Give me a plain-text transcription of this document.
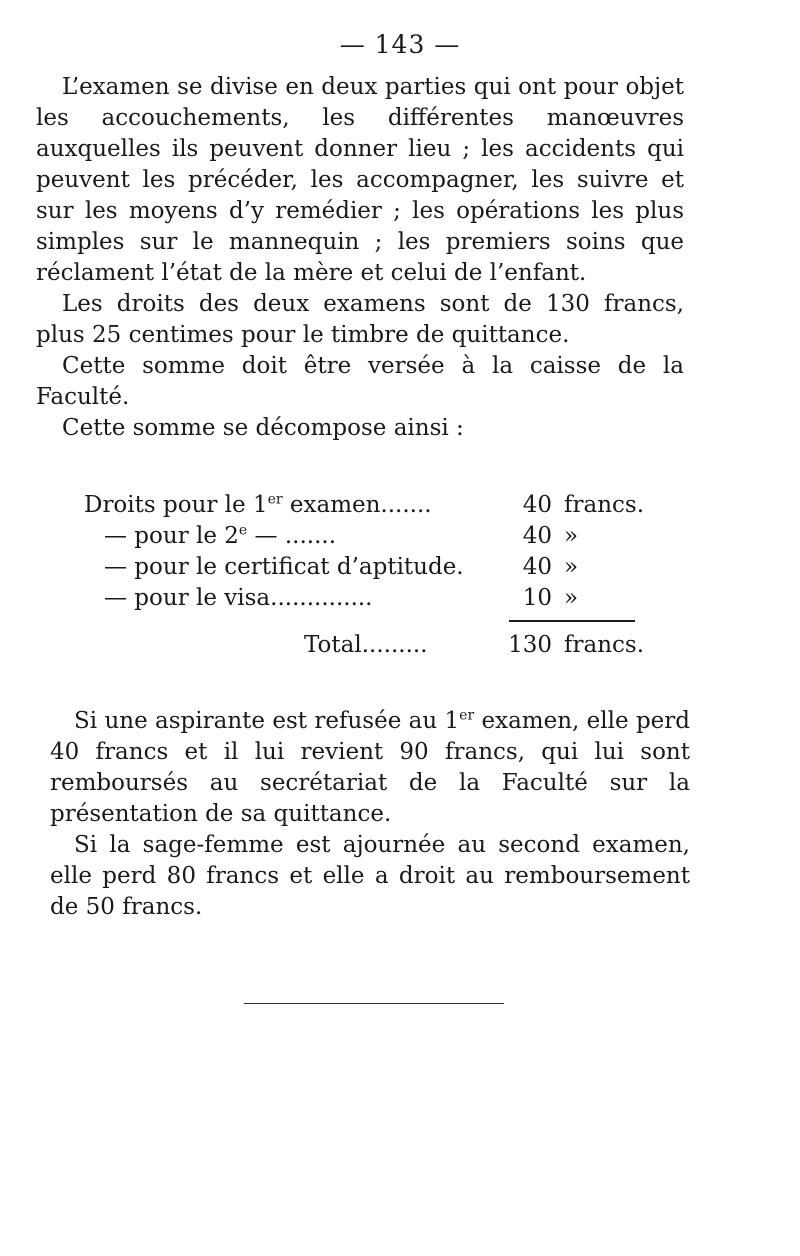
— 143 —

L’examen se divise en deux parties qui ont pour objet les accouchements, les différentes manœuvres auxquelles ils peuvent donner lieu ; les accidents qui peuvent les précéder, les accompagner, les suivre et sur les moyens d’y remédier ; les opérations les plus simples sur le mannequin ; les premiers soins que réclament l’état de la mère et celui de l’enfant.

Les droits des deux examens sont de 130 francs, plus 25 centimes pour le timbre de quittance.

Cette somme doit être versée à la caisse de la Faculté.

Cette somme se décompose ainsi :

Droits pour le 1er examen.......	40 francs.
— pour le 2e — .......	40 »
— pour le certificat d’aptitude.	40 »
— pour le visa..............	10 »
Total.........	130 francs.

Si une aspirante est refusée au 1er examen, elle perd 40 francs et il lui revient 90 francs, qui lui sont remboursés au secrétariat de la Faculté sur la présentation de sa quittance.

Si la sage-femme est ajournée au second examen, elle perd 80 francs et elle a droit au remboursement de 50 francs.
